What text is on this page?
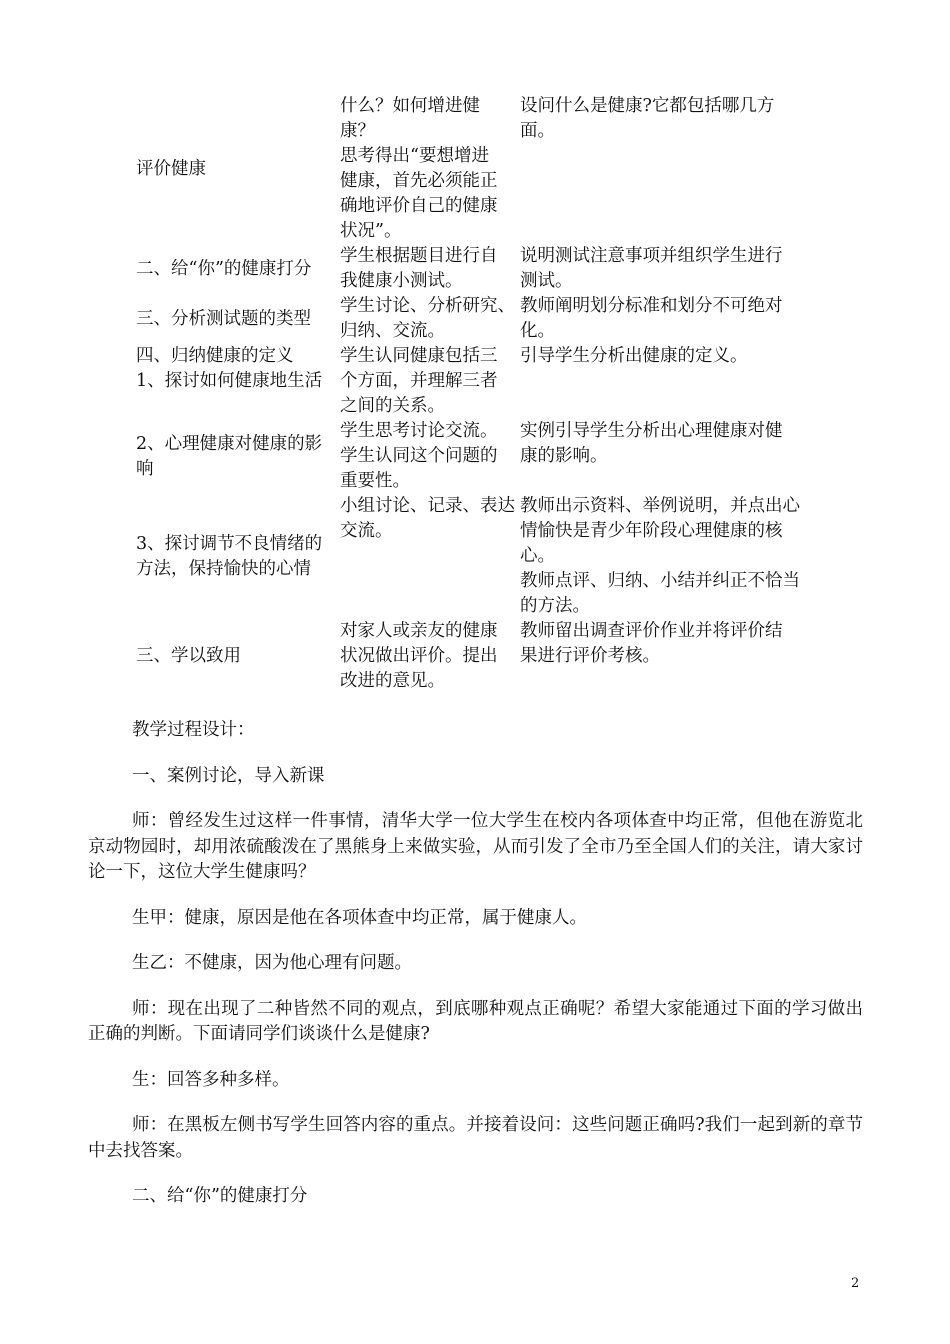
评价健康
什么？如何增进健
康？
思考得出“要想增进
健康，首先必须能正
确地评价自己的健康
状况”。
设问什么是健康?它都包括哪几方
面。
二、给“你”的健康打分
学生根据题目进行自
我健康小测试。
说明测试注意事项并组织学生进行
测试。
三、分析测试题的类型
学生讨论、分析研究、
归纳、交流。
教师阐明划分标准和划分不可绝对
化。
四、归纳健康的定义
1、探讨如何健康地生活
学生认同健康包括三
个方面，并理解三者
之间的关系。
引导学生分析出健康的定义。
2、心理健康对健康的影响
学生思考讨论交流。
学生认同这个问题的
重要性。
实例引导学生分析出心理健康对健
康的影响。
3、探讨调节不良情绪的方法，保持愉快的心情
小组讨论、记录、表达
交流。
教师出示资料、举例说明，并点出心
情愉快是青少年阶段心理健康的核
心。
教师点评、归纳、小结并纠正不恰当
的方法。
三、学以致用
对家人或亲友的健康
状况做出评价。提出
改进的意见。
教师留出调查评价作业并将评价结
果进行评价考核。

教学过程设计：

一、案例讨论，导入新课

师：曾经发生过这样一件事情，清华大学一位大学生在校内各项体查中均正常，但他在游览北京动物园时，却用浓硫酸泼在了黑熊身上来做实验，从而引发了全市乃至全国人们的关注，请大家讨论一下，这位大学生健康吗？

生甲：健康，原因是他在各项体查中均正常，属于健康人。

生乙：不健康，因为他心理有问题。

师：现在出现了二种皆然不同的观点，到底哪种观点正确呢？希望大家能通过下面的学习做出正确的判断。下面请同学们谈谈什么是健康?

生：回答多种多样。

师：在黑板左侧书写学生回答内容的重点。并接着设问：这些问题正确吗?我们一起到新的章节中去找答案。

二、给“你”的健康打分

2
